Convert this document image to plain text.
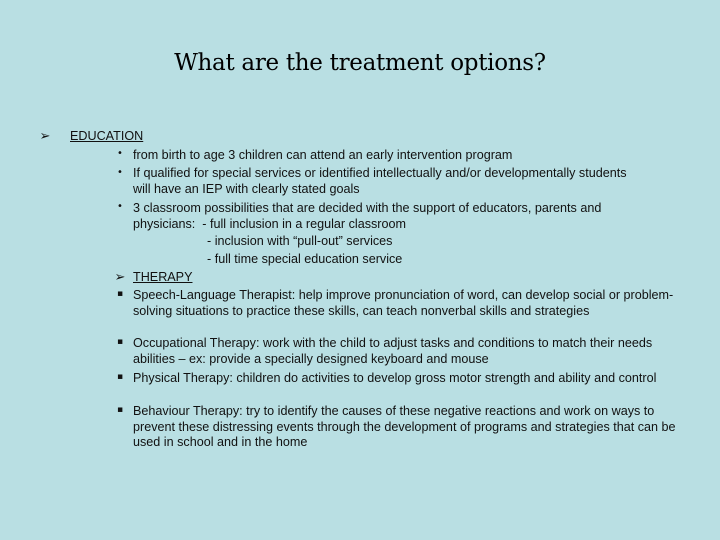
What are the treatment options?
➢ EDUCATION
• from birth to age 3 children can attend an early intervention program
• If qualified for special services or identified intellectually and/or developmentally students will have an IEP with clearly stated goals
• 3 classroom possibilities that are decided with the support of educators, parents and
physicians:  - full inclusion in a regular classroom
- inclusion with “pull-out” services
- full time special education service
➢ THERAPY
▪ Speech-Language Therapist: help improve pronunciation of word, can develop social or problem-solving situations to practice these skills, can teach nonverbal skills and strategies
▪ Occupational Therapy: work with the child to adjust tasks and conditions to match their needs abilities – ex: provide a specially designed keyboard and mouse
▪ Physical Therapy: children do activities to develop gross motor strength and ability and control
▪ Behaviour Therapy: try to identify the causes of these negative reactions and work on ways to prevent these distressing events through the development of programs and strategies that can be used in school and in the home
